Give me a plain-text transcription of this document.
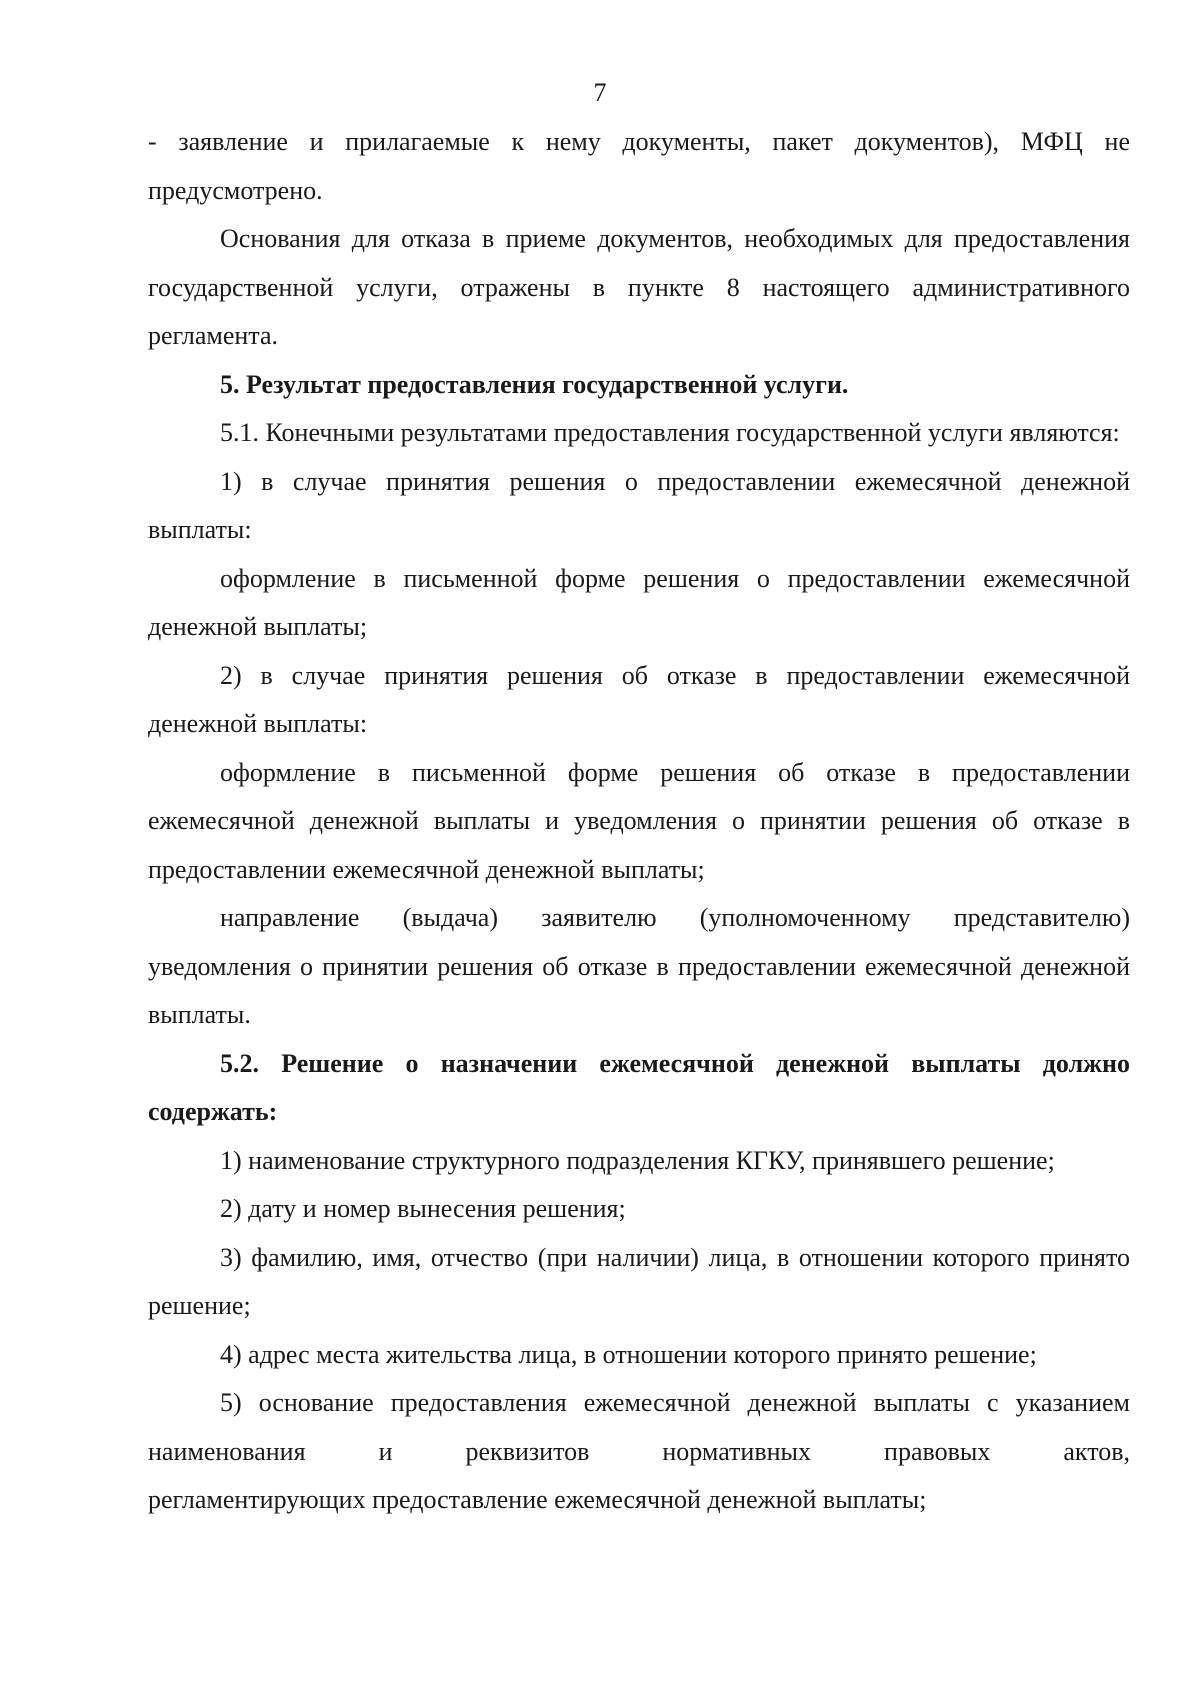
7

- заявление и прилагаемые к нему документы, пакет документов), МФЦ не предусмотрено.

Основания для отказа в приеме документов, необходимых для предоставления государственной услуги, отражены в пункте 8 настоящего административного регламента.

5. Результат предоставления государственной услуги.

5.1. Конечными результатами предоставления государственной услуги являются:

1) в случае принятия решения о предоставлении ежемесячной денежной выплаты:

оформление в письменной форме решения о предоставлении ежемесячной денежной выплаты;

2) в случае принятия решения об отказе в предоставлении ежемесячной денежной выплаты:

оформление в письменной форме решения об отказе в предоставлении ежемесячной денежной выплаты и уведомления о принятии решения об отказе в предоставлении ежемесячной денежной выплаты;

направление (выдача) заявителю (уполномоченному представителю) уведомления о принятии решения об отказе в предоставлении ежемесячной денежной выплаты.

5.2. Решение о назначении ежемесячной денежной выплаты должно содержать:

1) наименование структурного подразделения КГКУ, принявшего решение;

2) дату и номер вынесения решения;

3) фамилию, имя, отчество (при наличии) лица, в отношении которого принято решение;

4) адрес места жительства лица, в отношении которого принято решение;

5) основание предоставления ежемесячной денежной выплаты с указанием наименования и реквизитов нормативных правовых актов,

регламентирующих предоставление ежемесячной денежной выплаты;
